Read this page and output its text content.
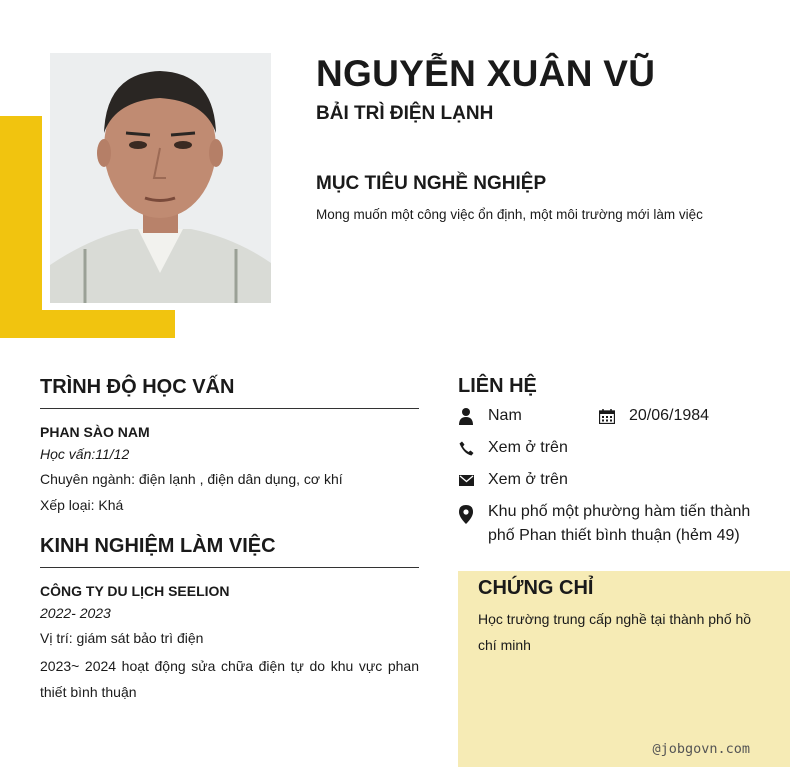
NGUYỄN XUÂN VŨ
BẢI TRÌ ĐIỆN LẠNH
MỤC TIÊU NGHỀ NGHIỆP

Mong muốn một công việc ổn định, một môi trường mới làm việc

TRÌNH ĐỘ HỌC VẤN

PHAN SÀO NAM

Học vấn:11/12

Chuyên ngành: điện lạnh , điện dân dụng, cơ khí

Xếp loại: Khá

KINH NGHIỆM LÀM VIỆC

CÔNG TY DU LỊCH SEELION

2022- 2023

Vị trí: giám sát bảo trì điện

2023~ 2024 hoạt động sửa chữa điện tự do khu vực phan thiết bình thuận

LIÊN HỆ
Nam	20/06/1984
Xem ở trên
Xem ở trên
Khu phố một phường hàm tiến thành phố Phan thiết bình thuận (hẻm 49)
CHỨNG CHỈ

Học trường trung cấp nghề tại thành phố hồ chí minh

@jobgovn.com
